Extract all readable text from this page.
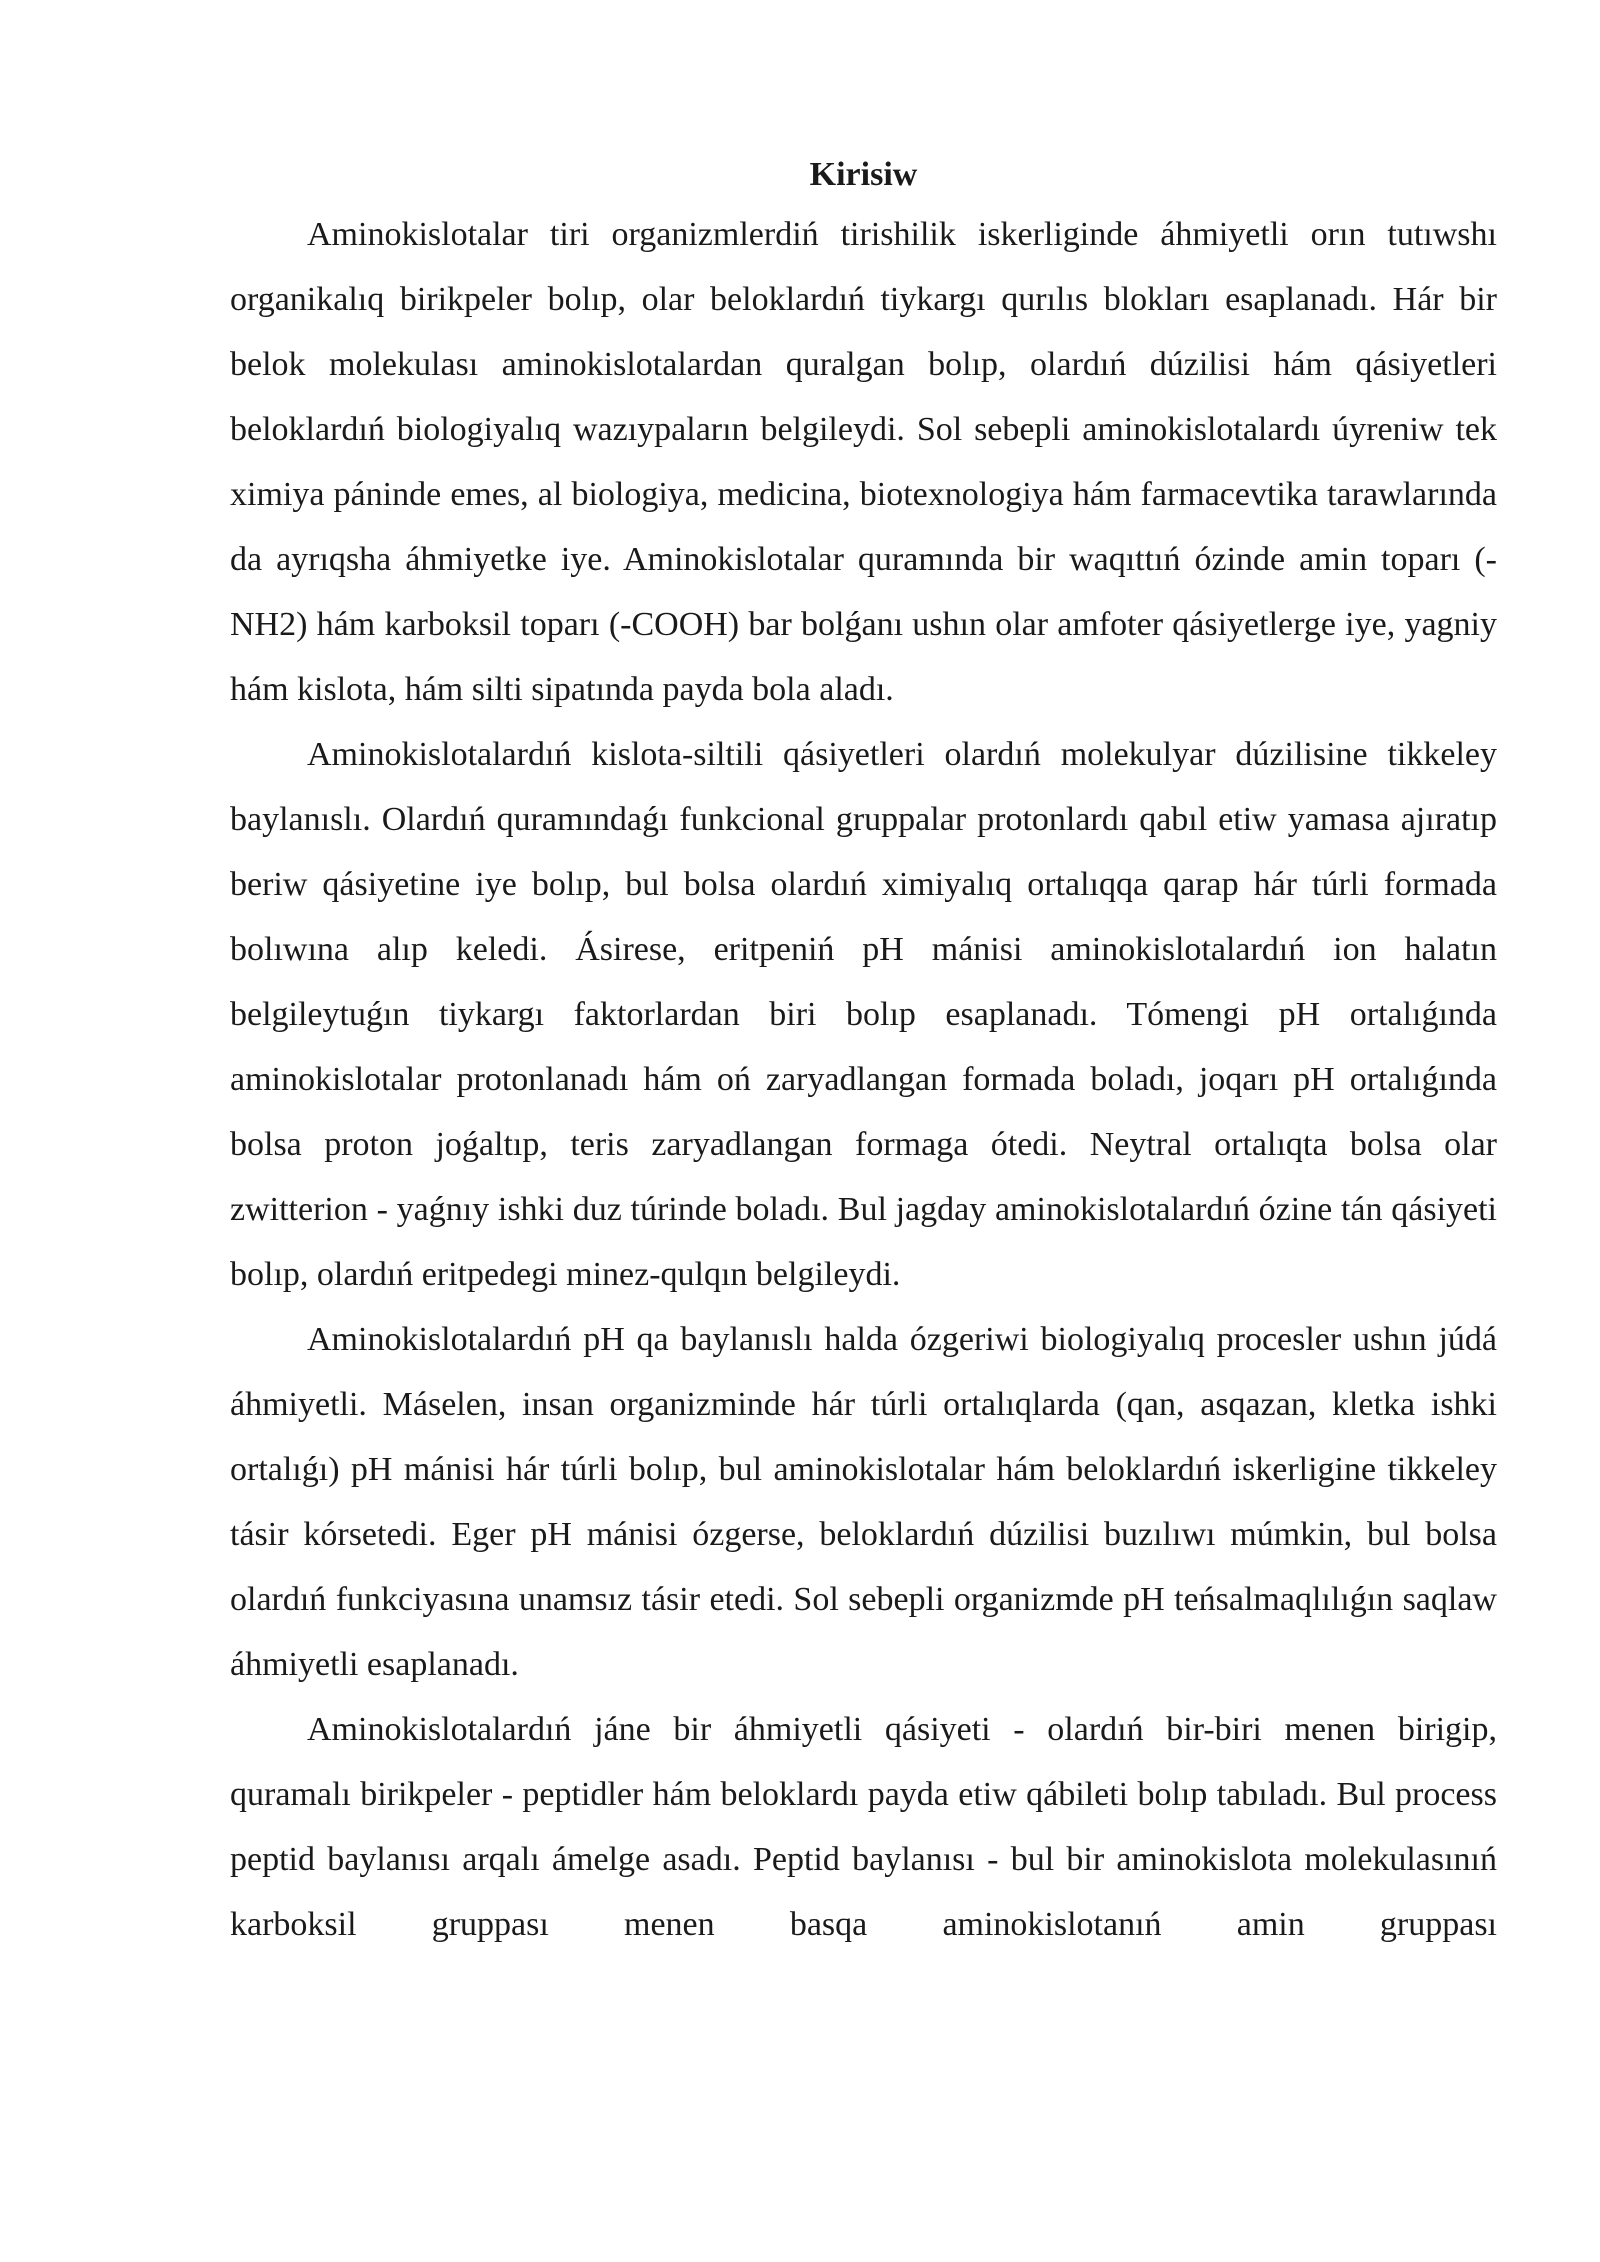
Kirisiw

Aminokislotalar tiri organizmlerdiń tirishilik iskerliginde áhmiyetli orın tutıwshı organikalıq birikpeler bolıp, olar beloklardıń tiykargı qurılıs blokları esaplanadı. Hár bir belok molekulası aminokislotalardan quralgan bolıp, olardıń dúzilisi hám qásiyetleri beloklardıń biologiyalıq wazıypaların belgileydi. Sol sebepli aminokislotalardı úyreniw tek ximiya páninde emes, al biologiya, medicina, biotexnologiya hám farmacevtika tarawlarında da ayrıqsha áhmiyetke iye. Aminokislotalar quramında bir waqıttıń ózinde amin toparı (-NH2) hám karboksil toparı (-COOH) bar bolǵanı ushın olar amfoter qásiyetlerge iye, yagniy hám kislota, hám silti sipatında payda bola aladı.

Aminokislotalardıń kislota-siltili qásiyetleri olardıń molekulyar dúzilisine tikkeley baylanıslı. Olardıń quramındaǵı funkcional gruppalar protonlardı qabıl etiw yamasa ajıratıp beriw qásiyetine iye bolıp, bul bolsa olardıń ximiyalıq ortalıqqa qarap hár túrli formada bolıwına alıp keledi. Ásirese, eritpeniń pH mánisi aminokislotalardıń ion halatın belgileytuǵın tiykargı faktorlardan biri bolıp esaplanadı. Tómengi pH ortalıǵında aminokislotalar protonlanadı hám oń zaryadlangan formada boladı, joqarı pH ortalıǵında bolsa proton joǵaltıp, teris zaryadlangan formaga ótedi. Neytral ortalıqta bolsa olar zwitterion - yaǵnıy ishki duz túrinde boladı. Bul jagday aminokislotalardıń ózine tán qásiyeti bolıp, olardıń eritpedegi minez-qulqın belgileydi.

Aminokislotalardıń pH qa baylanıslı halda ózgeriwi biologiyalıq procesler ushın júdá áhmiyetli. Máselen, insan organizminde hár túrli ortalıqlarda (qan, asqazan, kletka ishki ortalıǵı) pH mánisi hár túrli bolıp, bul aminokislotalar hám beloklardıń iskerligine tikkeley tásir kórsetedi. Eger pH mánisi ózgerse, beloklardıń dúzilisi buzılıwı múmkin, bul bolsa olardıń funkciyasına unamsız tásir etedi. Sol sebepli organizmde pH teńsalmaqlılıǵın saqlaw áhmiyetli esaplanadı.

Aminokislotalardıń jáne bir áhmiyetli qásiyeti - olardıń bir-biri menen birigip, quramalı birikpeler - peptidler hám beloklardı payda etiw qábileti bolıp tabıladı. Bul process peptid baylanısı arqalı ámelge asadı. Peptid baylanısı - bul bir aminokislota molekulasınıń karboksil gruppası menen basqa aminokislotanıń amin gruppası
